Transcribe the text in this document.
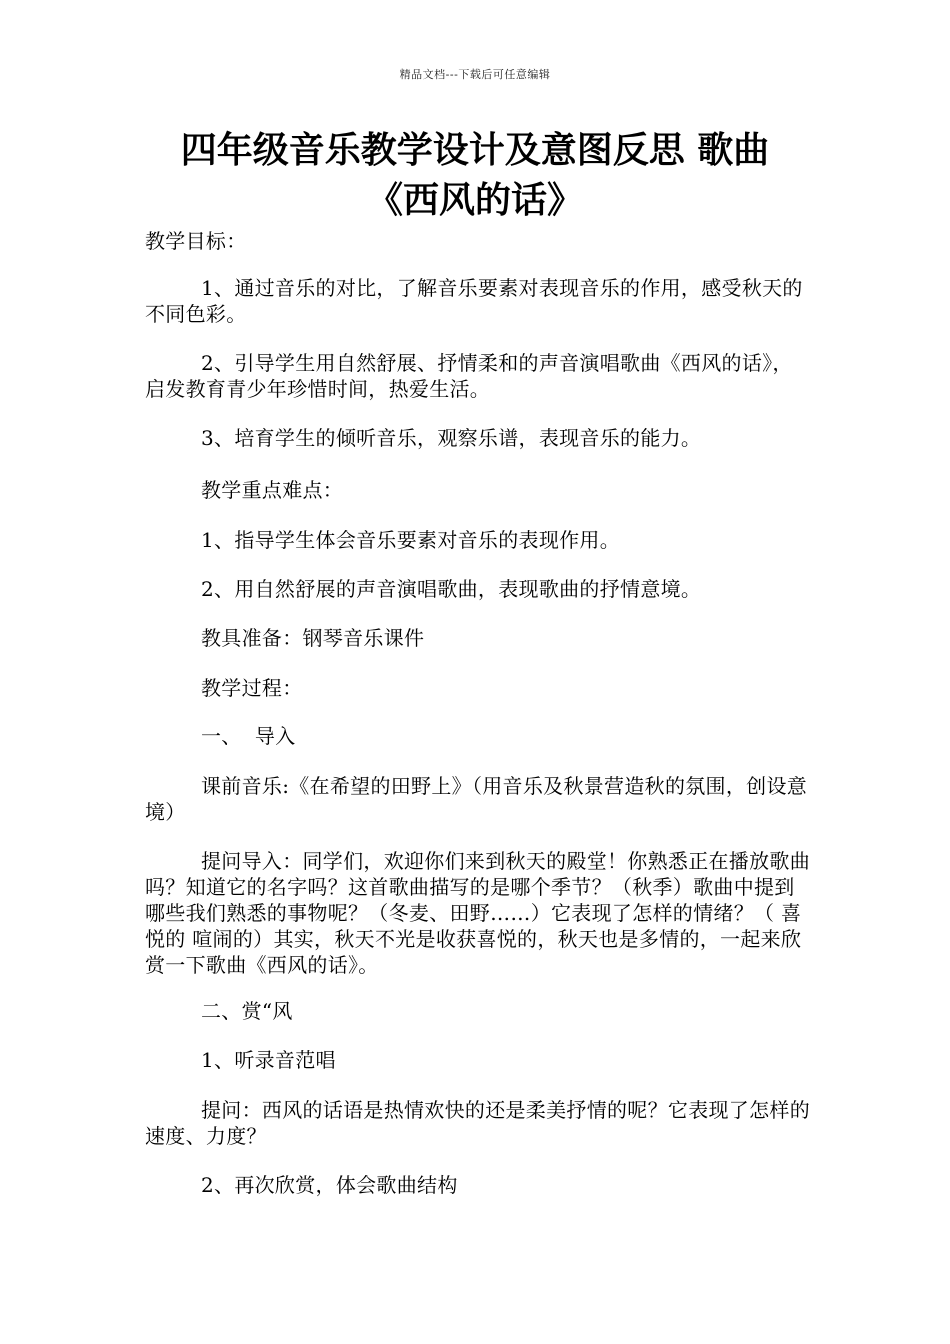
精品文档---下载后可任意编辑
四年级音乐教学设计及意图反思 歌曲
《西风的话》

教学目标：

1、通过音乐的对比，了解音乐要素对表现音乐的作用，感受秋天的不同色彩。

2、引导学生用自然舒展、抒情柔和的声音演唱歌曲《西风的话》，启发教育青少年珍惜时间，热爱生活。

3、培育学生的倾听音乐，观察乐谱，表现音乐的能力。

教学重点难点：

1、指导学生体会音乐要素对音乐的表现作用。

2、用自然舒展的声音演唱歌曲，表现歌曲的抒情意境。

教具准备：钢琴音乐课件

教学过程：

一、  导入

课前音乐:《在希望的田野上》（用音乐及秋景营造秋的氛围，创设意境）

提问导入：同学们，欢迎你们来到秋天的殿堂！你熟悉正在播放歌曲吗？知道它的名字吗？这首歌曲描写的是哪个季节？（秋季）歌曲中提到哪些我们熟悉的事物呢？（冬麦、田野……）它表现了怎样的情绪？（ 喜悦的 喧闹的）其实，秋天不光是收获喜悦的，秋天也是多情的，一起来欣赏一下歌曲《西风的话》。

二、赏“风

1、听录音范唱

提问：西风的话语是热情欢快的还是柔美抒情的呢？它表现了怎样的速度、力度？

2、再次欣赏，体会歌曲结构
